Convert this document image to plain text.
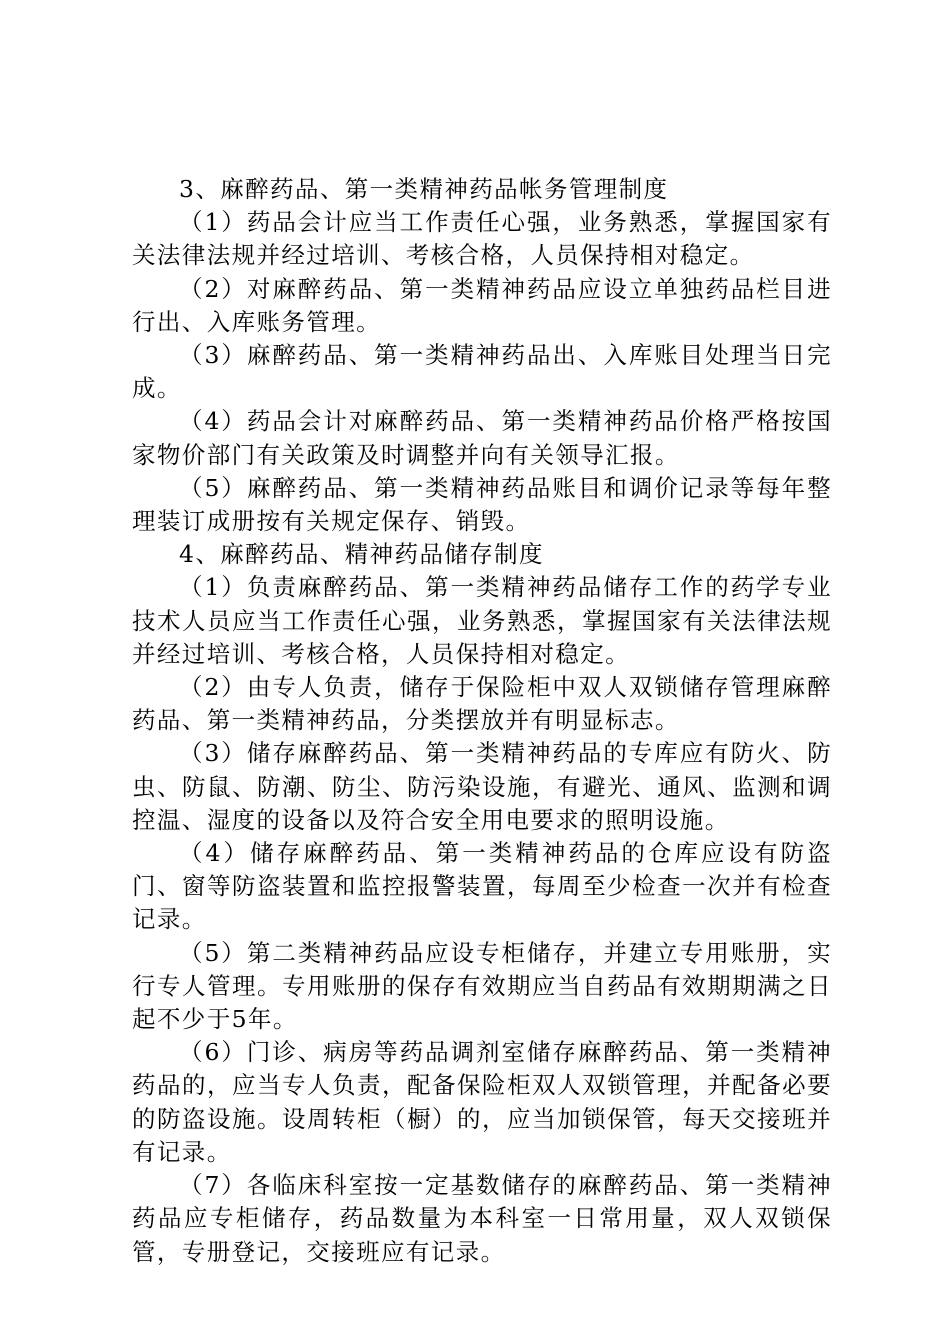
3、麻醉药品、第一类精神药品帐务管理制度

（1）药品会计应当工作责任心强，业务熟悉，掌握国家有关法律法规并经过培训、考核合格，人员保持相对稳定。

（2）对麻醉药品、第一类精神药品应设立单独药品栏目进行出、入库账务管理。

（3）麻醉药品、第一类精神药品出、入库账目处理当日完成。

（4）药品会计对麻醉药品、第一类精神药品价格严格按国家物价部门有关政策及时调整并向有关领导汇报。

（5）麻醉药品、第一类精神药品账目和调价记录等每年整理装订成册按有关规定保存、销毁。

4、麻醉药品、精神药品储存制度

（1）负责麻醉药品、第一类精神药品储存工作的药学专业技术人员应当工作责任心强，业务熟悉，掌握国家有关法律法规并经过培训、考核合格，人员保持相对稳定。

（2）由专人负责，储存于保险柜中双人双锁储存管理麻醉药品、第一类精神药品，分类摆放并有明显标志。

（3）储存麻醉药品、第一类精神药品的专库应有防火、防虫、防鼠、防潮、防尘、防污染设施，有避光、通风、监测和调控温、湿度的设备以及符合安全用电要求的照明设施。

（4）储存麻醉药品、第一类精神药品的仓库应设有防盗门、窗等防盗装置和监控报警装置，每周至少检查一次并有检查记录。

（5）第二类精神药品应设专柜储存，并建立专用账册，实行专人管理。专用账册的保存有效期应当自药品有效期期满之日起不少于5年。

（6）门诊、病房等药品调剂室储存麻醉药品、第一类精神药品的，应当专人负责，配备保险柜双人双锁管理，并配备必要的防盗设施。设周转柜（橱）的，应当加锁保管，每天交接班并有记录。

（7）各临床科室按一定基数储存的麻醉药品、第一类精神药品应专柜储存，药品数量为本科室一日常用量，双人双锁保管，专册登记，交接班应有记录。
